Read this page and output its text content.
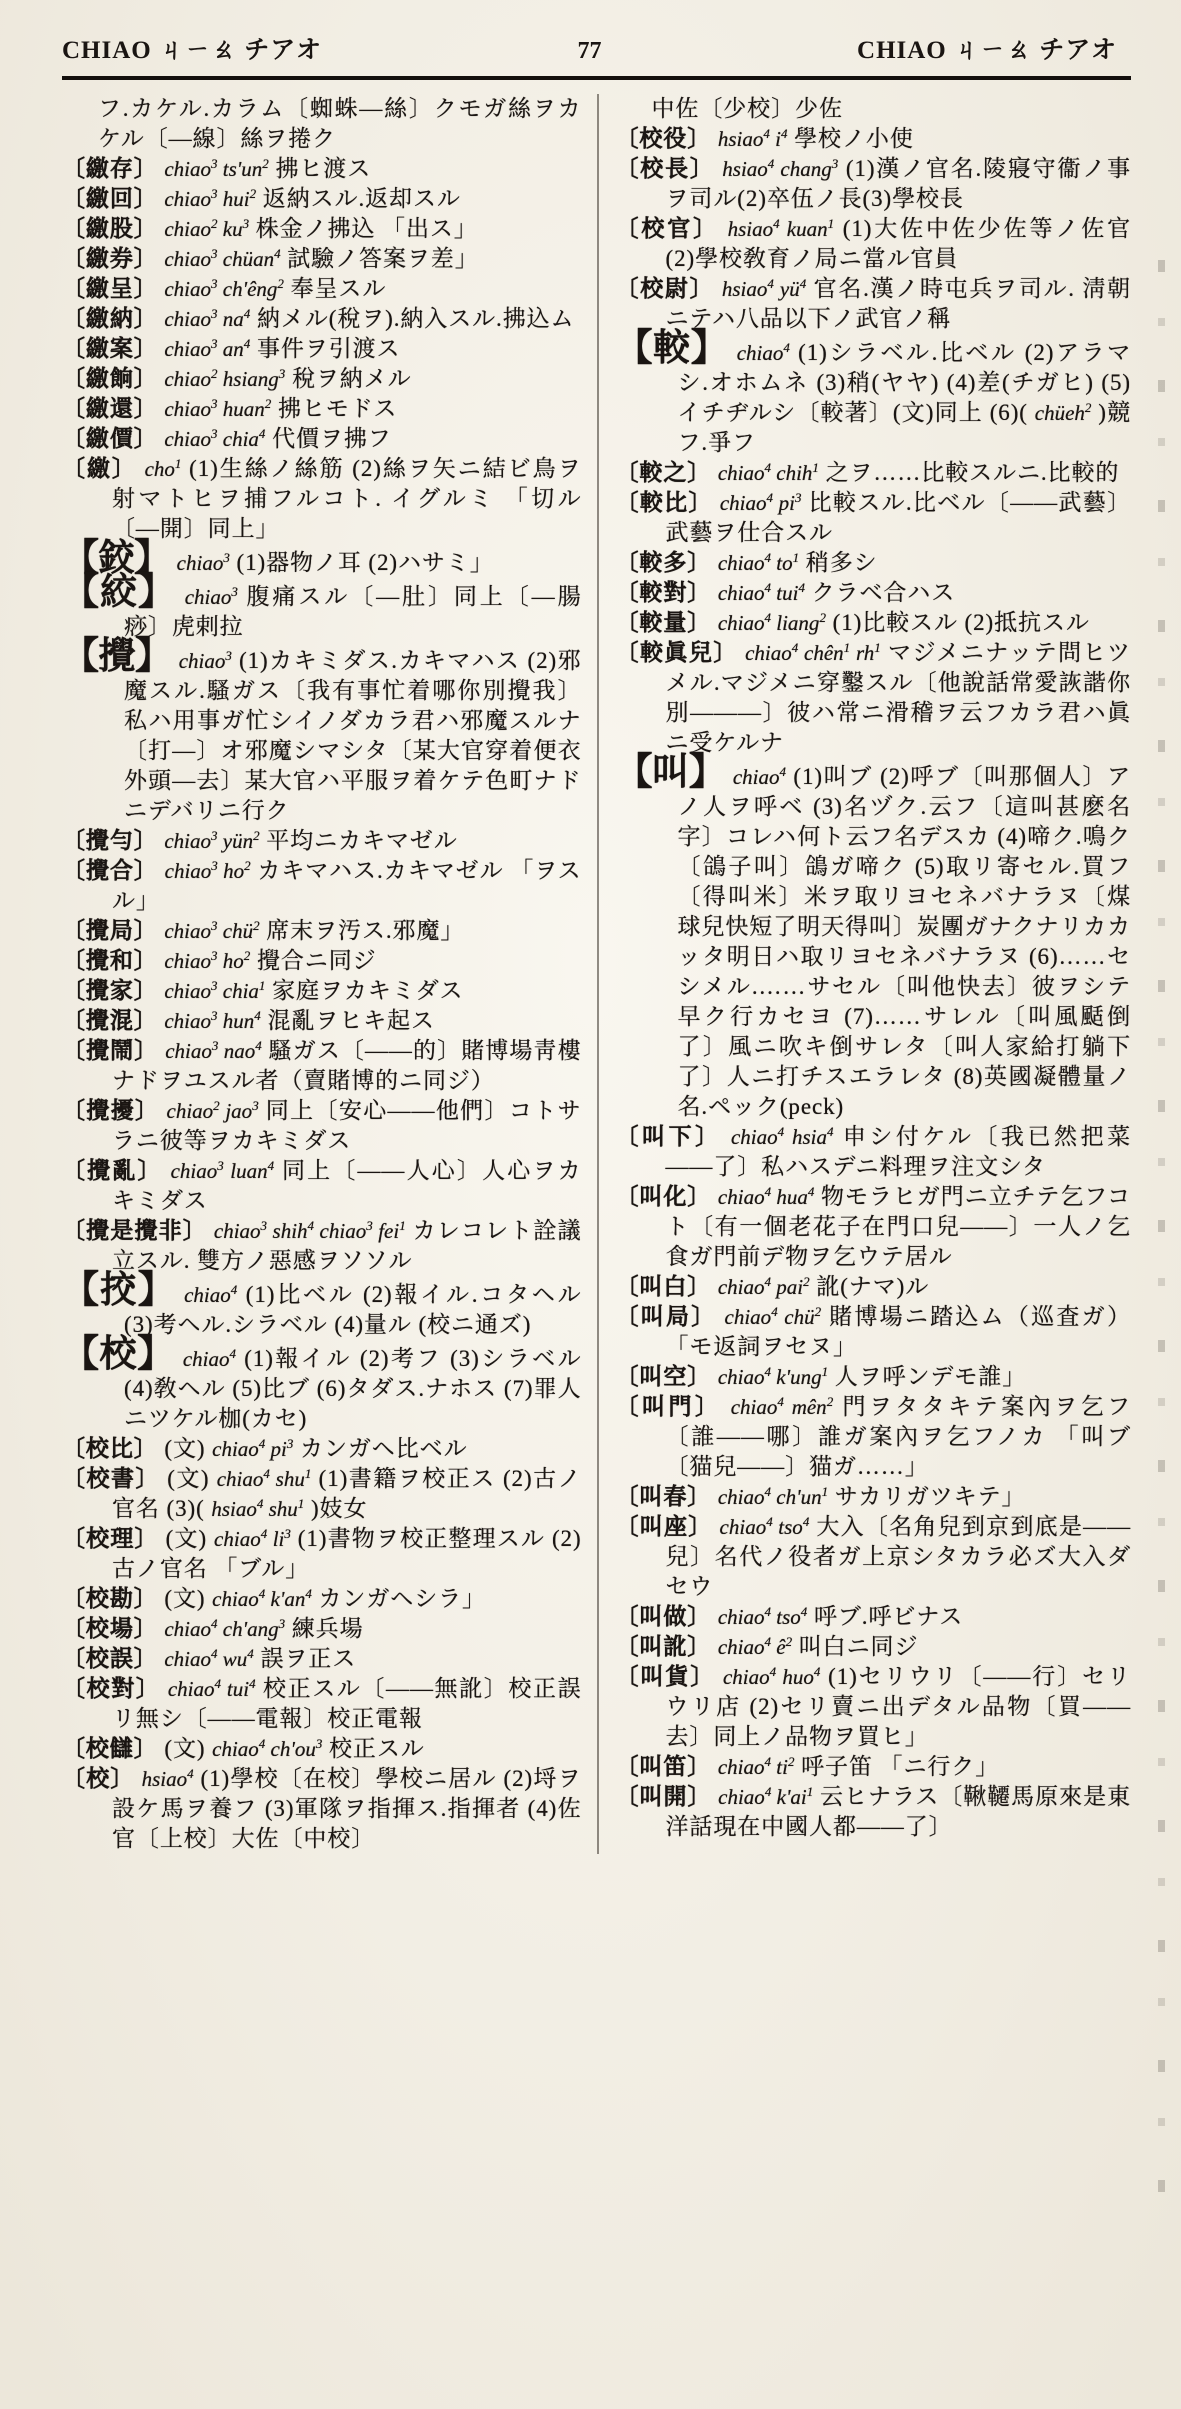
CHIAO ㄐㄧㄠ チアオ	77	CHIAO ㄐㄧㄠ チアオ

フ.カケル.カラム〔蜘蛛—絲〕クモガ絲ヲカケル〔—線〕絲ヲ捲ク

〔繳存〕 chiao$^3$ $ts'un^2$ 拂ヒ渡ス

〔繳回〕 chiao$^3$ hui$^2$ 返納スル.返却スル

〔繳股〕 chiao$^2$ $ku^3$ 株金ノ拂込 「出ス」

〔繳券〕 chiao$^3$ chüan$^4$ 試驗ノ答案ヲ差」

〔繳呈〕 chiao$^3$ ch'êng$^2$ 奉呈スル

〔繳納〕 chiao$^3$ $na^4$ 納メル(稅ヲ).納入スル.拂込ム

〔繳案〕 chiao$^3$ $an^4$ 事件ヲ引渡ス

〔繳餉〕 chiao$^2$ hsiang$^3$ 稅ヲ納メル

〔繳還〕 chiao$^3$ huan$^2$ 拂ヒモドス

〔繳價〕 chiao$^3$ chia$^4$ 代價ヲ拂フ

〔繳〕 cho$^1$ (1)生絲ノ絲筋 (2)絲ヲ矢ニ結ビ鳥ヲ射マトヒヲ捕フルコト. イグルミ 「切ル〔—開〕同上」

【鉸】 chiao$^3$ (1)器物ノ耳 (2)ハサミ」

【絞】 chiao$^3$ 腹痛スル〔—肚〕同上〔—腸痧〕虎剌拉

【攪】 chiao$^3$ (1)カキミダス.カキマハス (2)邪魔スル.騷ガス〔我有事忙着哪你別攪我〕私ハ用事ガ忙シイノダカラ君ハ邪魔スルナ〔打—〕オ邪魔シマシタ〔某大官穿着便衣外頭—去〕某大官ハ平服ヲ着ケテ色町ナドニデバリニ行ク

〔攪勻〕 chiao$^3$ yün$^2$ 平均ニカキマゼル

〔攪合〕 chiao$^3$ $ho^2$ カキマハス.カキマゼル 「ヲスル」

〔攪局〕 chiao$^3$ chü$^2$ 席末ヲ汚ス.邪魔」

〔攪和〕 chiao$^3$ $ho^2$ 攪合ニ同ジ

〔攪家〕 chiao$^3$ chia$^1$ 家庭ヲカキミダス

〔攪混〕 chiao$^3$ hun$^4$ 混亂ヲヒキ起ス

〔攪鬧〕 chiao$^3$ nao$^4$ 騷ガス〔——的〕賭博場靑樓ナドヲユスル者（賣賭博的ニ同ジ）

〔攪擾〕 chiao$^2$ jao$^3$ 同上〔安心——他們〕コトサラニ彼等ヲカキミダス

〔攪亂〕 chiao$^3$ luan$^4$ 同上〔——人心〕人心ヲカキミダス

〔攪是攪非〕 chiao$^3$ shih$^4$ chiao$^3$ fei$^1$ カレコレト詮議立スル. 雙方ノ惡感ヲソソル

【挍】 chiao$^4$ (1)比ベル (2)報イル.コタヘル (3)考ヘル.シラベル (4)量ル (校ニ通ズ)

【校】 chiao$^4$ (1)報イル (2)考フ (3)シラベル (4)敎ヘル (5)比ブ (6)タダス.ナホス (7)罪人ニツケル枷(カセ)

〔校比〕 (文) chiao$^4$ $pi^3$ カンガヘ比ベル

〔校書〕 (文) chiao$^4$ shu$^1$ (1)書籍ヲ校正ス (2)古ノ官名 (3)( hsiao$^4$ shu$^1$ )妓女

〔校理〕 (文) chiao$^4$ $li^3$ (1)書物ヲ校正整理スル (2)古ノ官名 「ブル」

〔校勘〕 (文) chiao$^4$ $k'an^4$ カンガヘシラ」

〔校場〕 chiao$^4$ ch'ang$^3$ 練兵場

〔校誤〕 chiao$^4$ $wu^4$ 誤ヲ正ス

〔校對〕 chiao$^4$ tui$^4$ 校正スル〔——無訛〕校正誤リ無シ〔——電報〕校正電報

〔校讎〕 (文) chiao$^4$ $ch'ou^3$ 校正スル

〔校〕 hsiao$^4$ (1)學校〔在校〕學校ニ居ル (2)埒ヲ設ケ馬ヲ養フ (3)軍隊ヲ指揮ス.指揮者 (4)佐官〔上校〕大佐〔中校〕

中佐〔少校〕少佐

〔校役〕 hsiao$^4$ $i^4$ 學校ノ小使

〔校長〕 hsiao$^4$ chang$^3$ (1)漢ノ官名.陵寢守衞ノ事ヲ司ル(2)卒伍ノ長(3)學校長

〔校官〕 hsiao$^4$ kuan$^1$ (1)大佐中佐少佐等ノ佐官 (2)學校敎育ノ局ニ當ル官員

〔校尉〕 hsiao$^4$ $yü^4$ 官名.漢ノ時屯兵ヲ司ル. 淸朝ニテハ八品以下ノ武官ノ稱

【較】 chiao$^4$ (1)シラベル.比ベル (2)アラマシ.オホムネ (3)稍(ヤヤ) (4)差(チガヒ) (5)イチヂルシ〔較著〕(文)同上 (6)( chüeh$^2$ )競フ.爭フ

〔較之〕 chiao$^4$ chih$^1$ 之ヲ……比較スルニ.比較的

〔較比〕 chiao$^4$ $pi^3$ 比較スル.比ベル〔——武藝〕武藝ヲ仕合スル

〔較多〕 chiao$^4$ $to^1$ 稍多シ

〔較對〕 chiao$^4$ tui$^4$ クラベ合ハス

〔較量〕 chiao$^4$ liang$^2$ (1)比較スル (2)抵抗スル

〔較眞兒〕 chiao$^4$ chên$^1$ $rh^1$ マジメニナッテ問ヒツメル.マジメニ穿鑿スル〔他說話常愛詼諧你別———〕彼ハ常ニ滑稽ヲ云フカラ君ハ眞ニ受ケルナ

【叫】 chiao$^4$ (1)叫ブ (2)呼ブ〔叫那個人〕アノ人ヲ呼ベ (3)名ヅク.云フ〔這叫甚麽名字〕コレハ何ト云フ名デスカ (4)啼ク.鳴ク〔鴿子叫〕鴿ガ啼ク (5)取リ寄セル.買フ〔得叫米〕米ヲ取リヨセネバナラヌ〔煤球兒快短了明天得叫〕炭團ガナクナリカカッタ明日ハ取リヨセネバナラヌ (6)……セシメル.……サセル〔叫他快去〕彼ヲシテ早ク行カセヨ (7)……サレル〔叫風颳倒了〕風ニ吹キ倒サレタ〔叫人家給打躺下了〕人ニ打チスエラレタ (8)英國凝體量ノ名.ペック(peck)

〔叫下〕 chiao$^4$ hsia$^4$ 申シ付ケル〔我已然把菜——了〕私ハスデニ料理ヲ注文シタ

〔叫化〕 chiao$^4$ hua$^4$ 物モラヒガ門ニ立チテ乞フコト〔有一個老花子在門口兒——〕一人ノ乞食ガ門前デ物ヲ乞ウテ居ル

〔叫白〕 chiao$^4$ pai$^2$ 訛(ナマ)ル

〔叫局〕 chiao$^4$ chü$^2$ 賭博場ニ踏込ム（巡査ガ） 「モ返詞ヲセヌ」

〔叫空〕 chiao$^4$ k'ung$^1$ 人ヲ呼ンデモ誰」

〔叫門〕 chiao$^4$ mên$^2$ 門ヲタタキテ案內ヲ乞フ〔誰——哪〕誰ガ案內ヲ乞フノカ 「叫ブ〔猫兒——〕猫ガ……」

〔叫春〕 chiao$^4$ $ch'un^1$ サカリガツキテ」

〔叫座〕 chiao$^4$ tso$^4$ 大入〔名角兒到京到底是——兒〕名代ノ役者ガ上京シタカラ必ズ大入ダセウ

〔叫做〕 chiao$^4$ tso$^4$ 呼ブ.呼ビナス

〔叫訛〕 chiao$^4$ $ê^2$ 叫白ニ同ジ

〔叫貨〕 chiao$^4$ huo$^4$ (1)セリウリ〔——行〕セリウリ店 (2)セリ賣ニ出デタル品物〔買——去〕同上ノ品物ヲ買ヒ」

〔叫笛〕 chiao$^4$ $ti^2$ 呼子笛 「ニ行ク」

〔叫開〕 chiao$^4$ $k'ai^1$ 云ヒナラス〔鞦韆馬原來是東洋話現在中國人都——了〕
